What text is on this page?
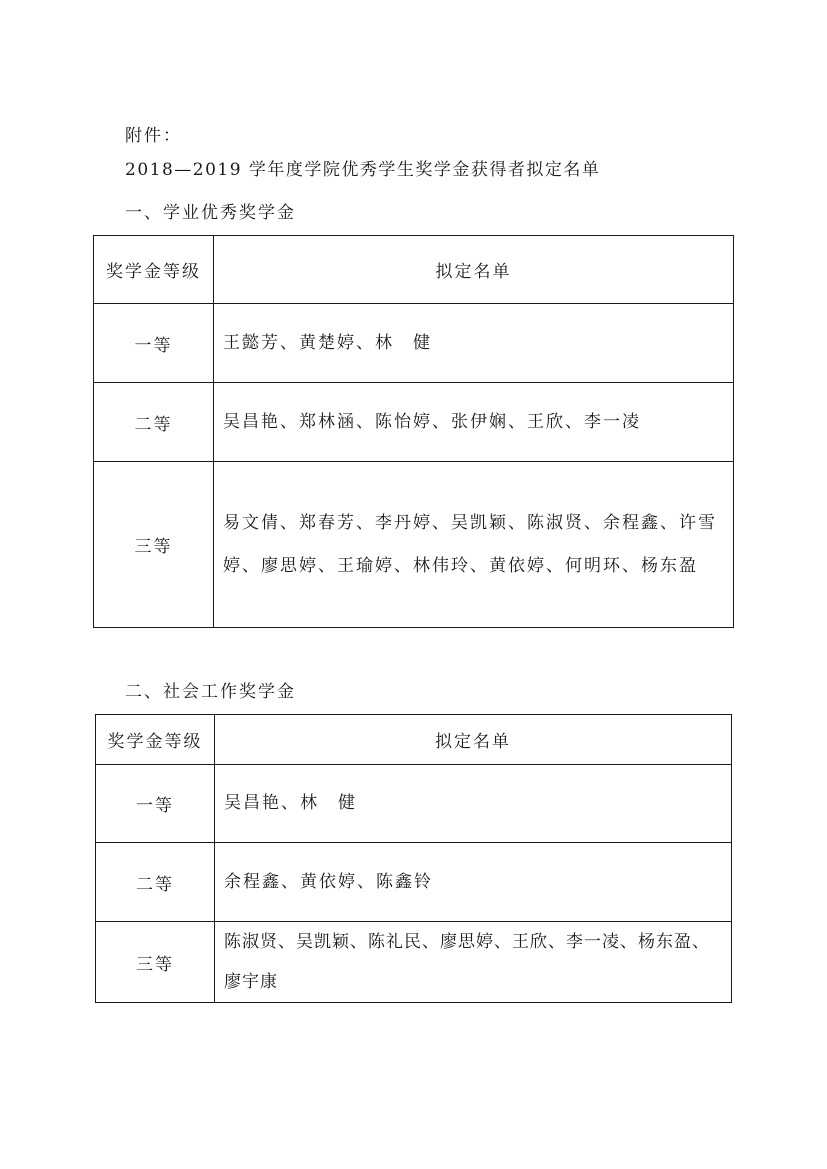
附件：
2018—2019 学年度学院优秀学生奖学金获得者拟定名单
一、学业优秀奖学金
奖学金等级	拟定名单
一等	王懿芳、黄楚婷、林　健
二等	吴昌艳、郑林涵、陈怡婷、张伊娴、王欣、李一凌
三等	易文倩、郑春芳、李丹婷、吴凯颖、陈淑贤、余程鑫、许雪婷、廖思婷、王瑜婷、林伟玲、黄依婷、何明环、杨东盈
二、社会工作奖学金
奖学金等级	拟定名单
一等	吴昌艳、林　健
二等	余程鑫、黄依婷、陈鑫铃
三等	陈淑贤、吴凯颖、陈礼民、廖思婷、王欣、李一凌、杨东盈、廖宇康
